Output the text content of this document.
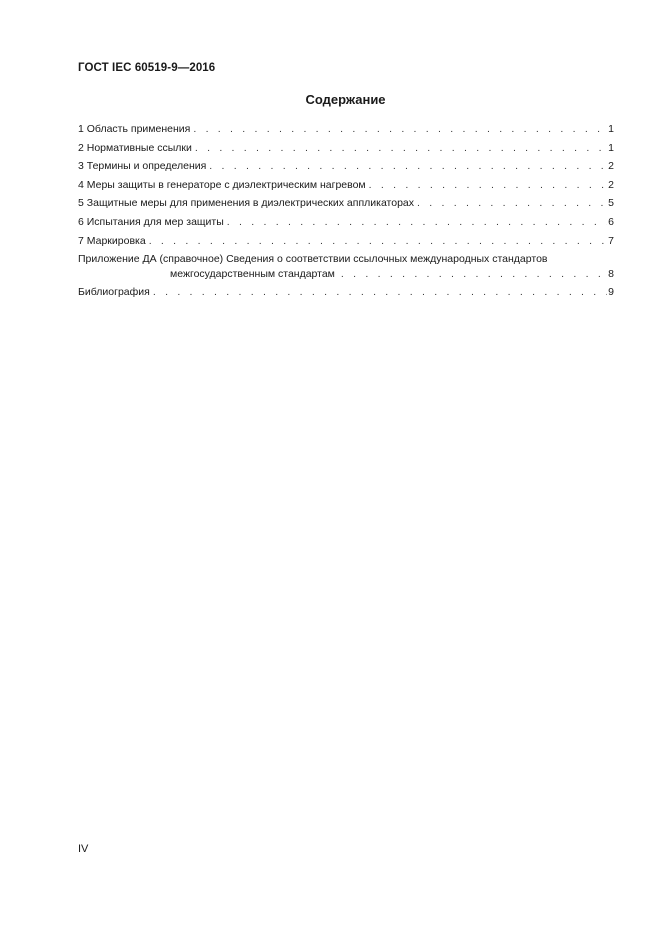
ГОСТ IEC 60519-9—2016
Содержание
1 Область применения . . .	1
2 Нормативные ссылки . . .	1
3 Термины и определения . . .	2
4 Меры защиты в генераторе с диэлектрическим нагревом . . .	2
5 Защитные меры для применения в диэлектрических аппликаторах . . .	5
6 Испытания для мер защиты . . .	6
7 Маркировка . . .	7
Приложение ДА (справочное) Сведения о соответствии ссылочных международных стандартов
межгосударственным стандартам . . .	8
Библиография . . .	9
IV
